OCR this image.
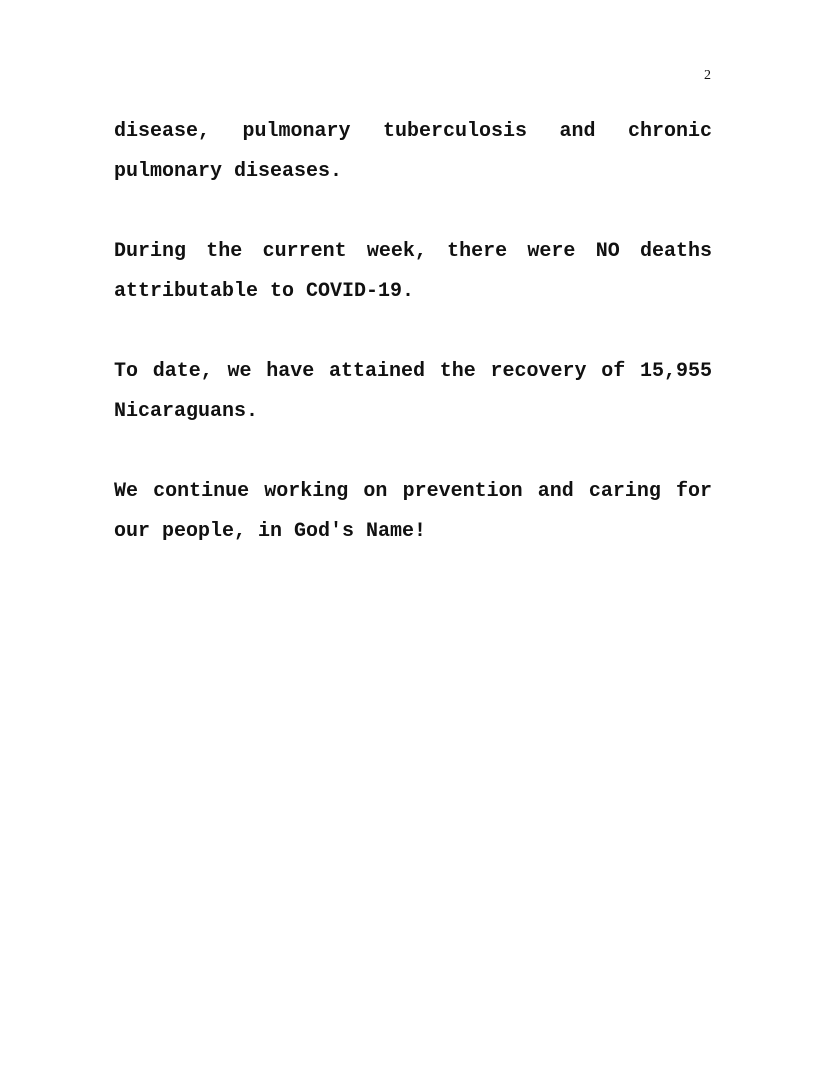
2

disease, pulmonary tuberculosis and chronic pulmonary diseases.

During the current week, there were NO deaths attributable to COVID-19.

To date, we have attained the recovery of 15,955 Nicaraguans.

We continue working on prevention and caring for our people, in God's Name!
